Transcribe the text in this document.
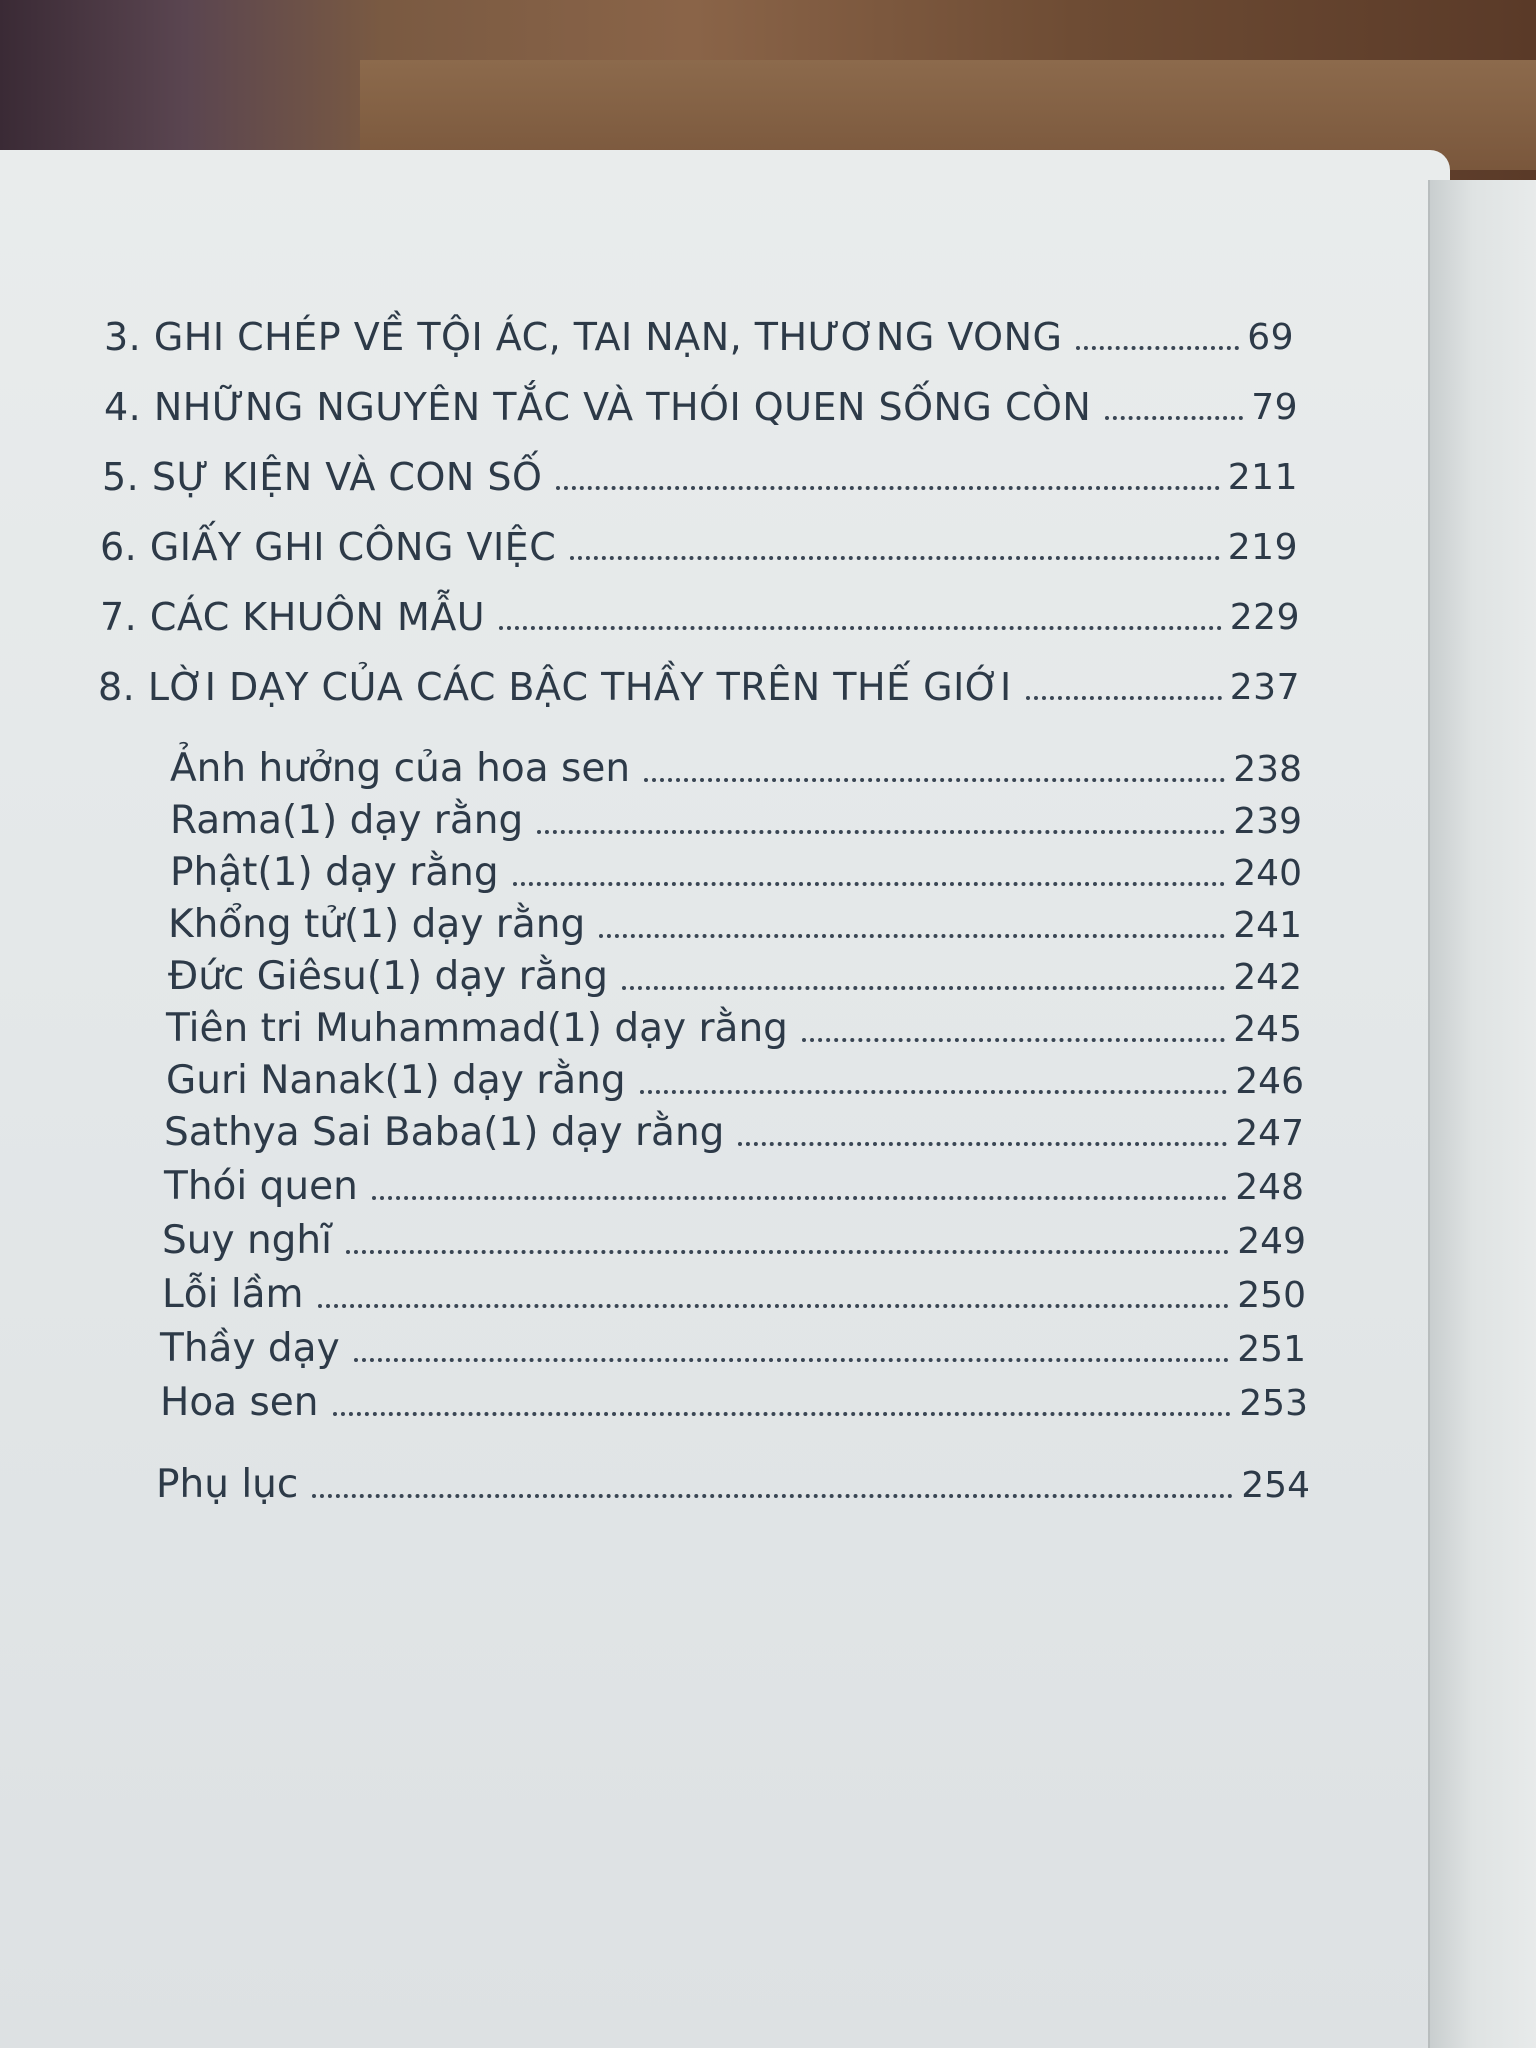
3. GHI CHÉP VỀ TỘI ÁC, TAI NẠN, THƯƠNG VONG	69
4. NHỮNG NGUYÊN TẮC VÀ THÓI QUEN SỐNG CÒN	79
5. SỰ KIỆN VÀ CON SỐ	211
6. GIẤY GHI CÔNG VIỆC	219
7. CÁC KHUÔN MẪU	229
8. LỜI DẠY CỦA CÁC BẬC THẦY TRÊN THẾ GIỚI	237
Ảnh hưởng của hoa sen	238
Rama(1) dạy rằng	239
Phật(1) dạy rằng	240
Khổng tử(1) dạy rằng	241
Đức Giêsu(1) dạy rằng	242
Tiên tri Muhammad(1) dạy rằng	245
Guri Nanak(1) dạy rằng	246
Sathya Sai Baba(1) dạy rằng	247
Thói quen	248
Suy nghĩ	249
Lỗi lầm	250
Thầy dạy	251
Hoa sen	253
Phụ lục	254
